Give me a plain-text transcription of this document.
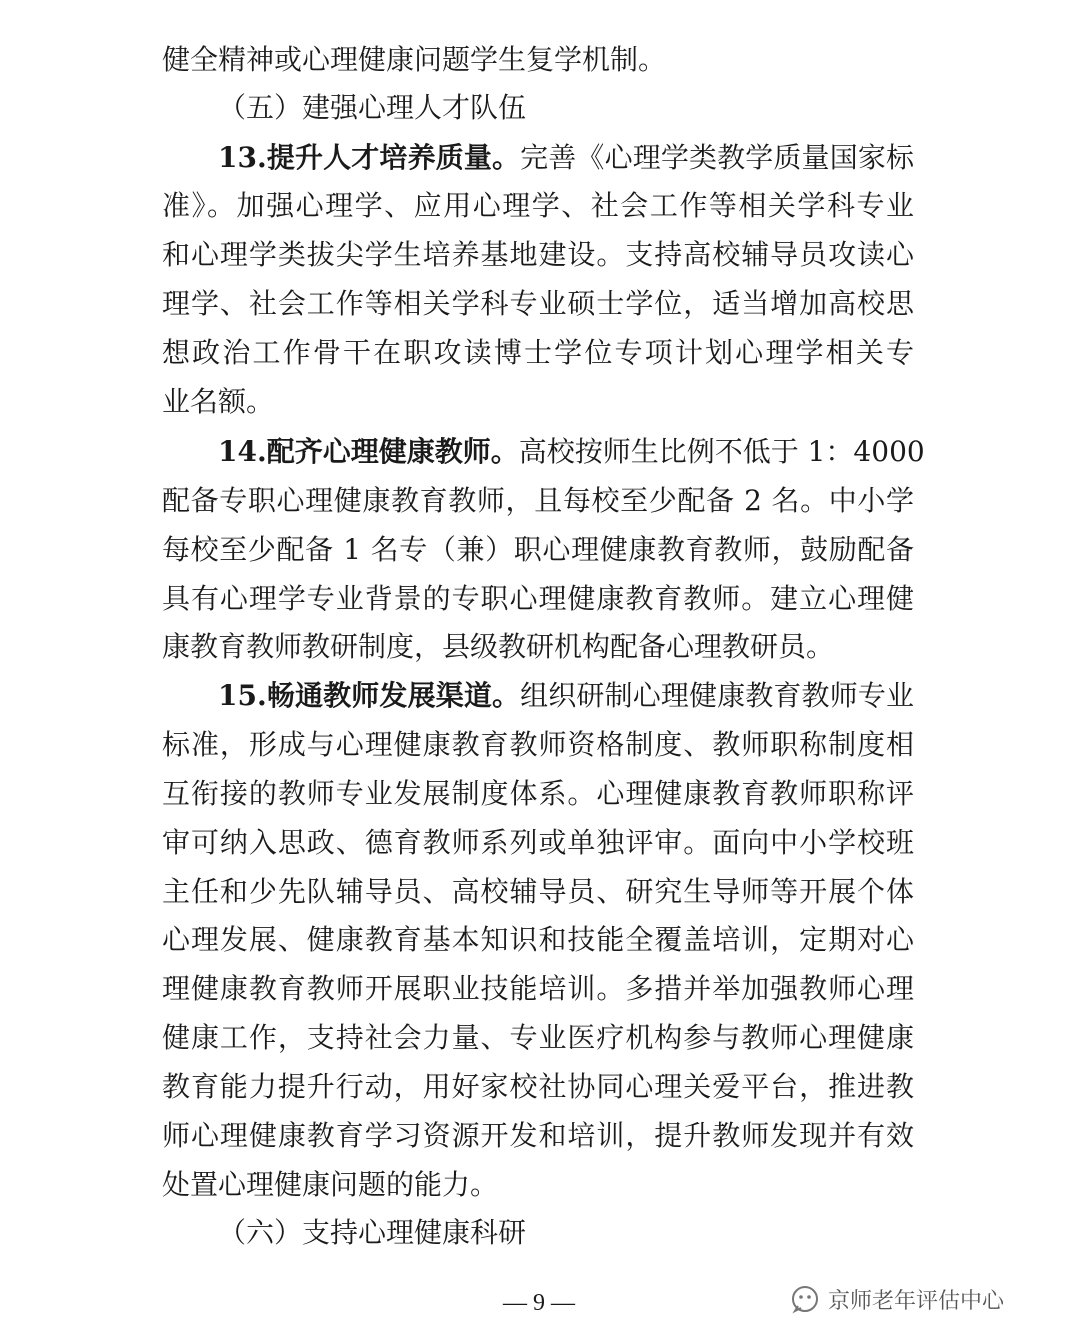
健全精神或心理健康问题学生复学机制。
（五）建强心理人才队伍
13.提升人才培养质量。完善《心理学类教学质量国家标
准》。加强心理学、应用心理学、社会工作等相关学科专业
和心理学类拔尖学生培养基地建设。支持高校辅导员攻读心
理学、社会工作等相关学科专业硕士学位，适当增加高校思
想政治工作骨干在职攻读博士学位专项计划心理学相关专
业名额。
14.配齐心理健康教师。高校按师生比例不低于 1：4000
配备专职心理健康教育教师，且每校至少配备 2 名。中小学
每校至少配备 1 名专（兼）职心理健康教育教师，鼓励配备
具有心理学专业背景的专职心理健康教育教师。建立心理健
康教育教师教研制度，县级教研机构配备心理教研员。
15.畅通教师发展渠道。组织研制心理健康教育教师专业
标准，形成与心理健康教育教师资格制度、教师职称制度相
互衔接的教师专业发展制度体系。心理健康教育教师职称评
审可纳入思政、德育教师系列或单独评审。面向中小学校班
主任和少先队辅导员、高校辅导员、研究生导师等开展个体
心理发展、健康教育基本知识和技能全覆盖培训，定期对心
理健康教育教师开展职业技能培训。多措并举加强教师心理
健康工作，支持社会力量、专业医疗机构参与教师心理健康
教育能力提升行动，用好家校社协同心理关爱平台，推进教
师心理健康教育学习资源开发和培训，提升教师发现并有效
处置心理健康问题的能力。
（六）支持心理健康科研
— 9 —	京师老年评估中心
